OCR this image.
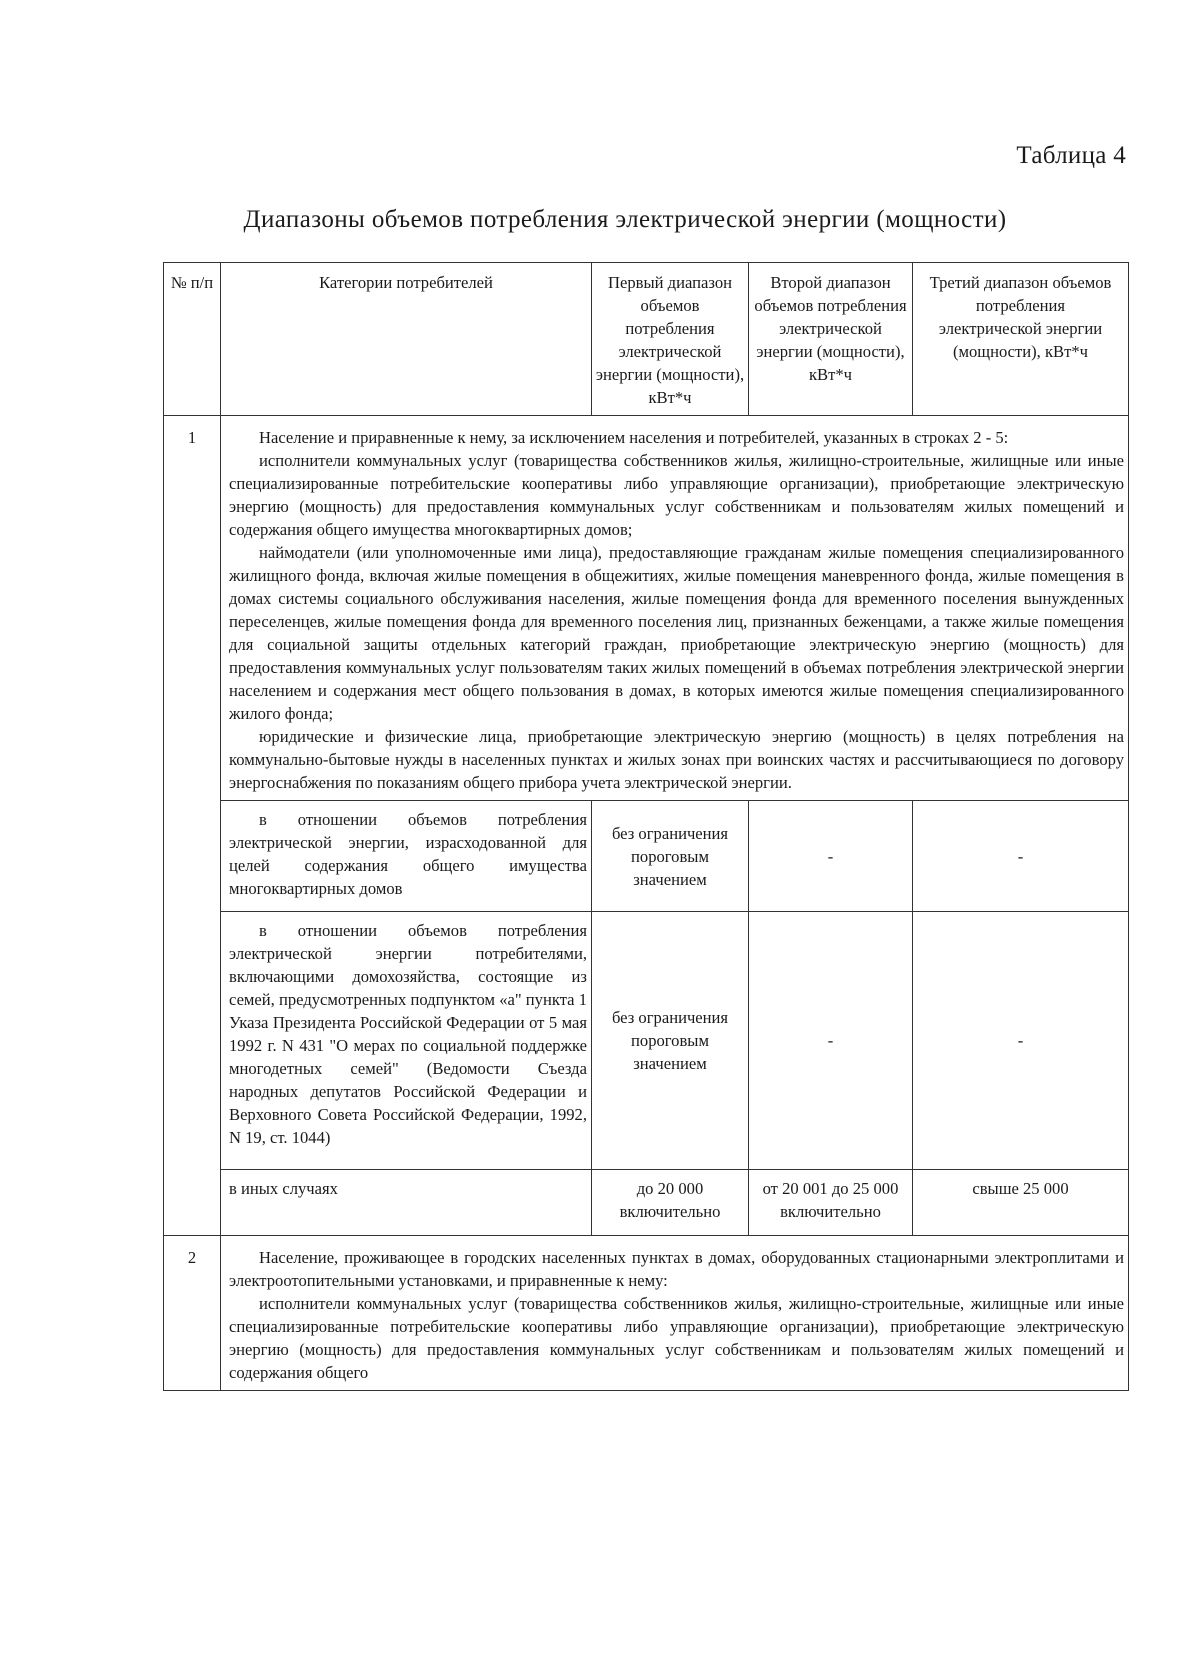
Таблица 4
Диапазоны объемов потребления электрической энергии (мощности)
№ п/п	Категории потребителей	Первый диапазон объемов потребления электрической энергии (мощности), кВт*ч	Второй диапазон объемов потребления электрической энергии (мощности), кВт*ч	Третий диапазон объемов потребления электрической энергии (мощности), кВт*ч
1	Население и приравненные к нему, за исключением населения и потребителей, указанных в строках 2 - 5:

исполнители коммунальных услуг (товарищества собственников жилья, жилищно-строительные, жилищные или иные специализированные потребительские кооперативы либо управляющие организации), приобретающие электрическую энергию (мощность) для предоставления коммунальных услуг собственникам и пользователям жилых помещений и содержания общего имущества многоквартирных домов;

наймодатели (или уполномоченные ими лица), предоставляющие гражданам жилые помещения специализированного жилищного фонда, включая жилые помещения в общежитиях, жилые помещения маневренного фонда, жилые помещения в домах системы социального обслуживания населения, жилые помещения фонда для временного поселения вынужденных переселенцев, жилые помещения фонда для временного поселения лиц, признанных беженцами, а также жилые помещения для социальной защиты отдельных категорий граждан, приобретающие электрическую энергию (мощность) для предоставления коммунальных услуг пользователям таких жилых помещений в объемах потребления электрической энергии населением и содержания мест общего пользования в домах, в которых имеются жилые помещения специализированного жилого фонда;

юридические и физические лица, приобретающие электрическую энергию (мощность) в целях потребления на коммунально-бытовые нужды в населенных пунктах и жилых зонах при воинских частях и рассчитывающиеся по договору энергоснабжения по показаниям общего прибора учета электрической энергии.			

	в отношении объемов потребления электрической энергии, израсходованной для целей содержания общего имущества многоквартирных домов	без ограничения пороговым значением	-	-

	в отношении объемов потребления электрической энергии потребителями, включающими домохозяйства, состоящие из семей, предусмотренных подпунктом «а" пункта 1 Указа Президента Российской Федерации от 5 мая 1992 г. N 431 "О мерах по социальной поддержке многодетных семей" (Ведомости Съезда народных депутатов Российской Федерации и Верховного Совета Российской Федерации, 1992, N 19, ст. 1044)	без ограничения пороговым значением	-	-
	в иных случаях	до 20 000 включительно	от 20 001 до 25 000 включительно	свыше 25 000
2	Население, проживающее в городских населенных пунктах в домах, оборудованных стационарными электроплитами и электроотопительными установками, и приравненные к нему:

исполнители коммунальных услуг (товарищества собственников жилья, жилищно-строительные, жилищные или иные специализированные потребительские кооперативы либо управляющие организации), приобретающие электрическую энергию (мощность) для предоставления коммунальных услуг собственникам и пользователям жилых помещений и содержания общего			
